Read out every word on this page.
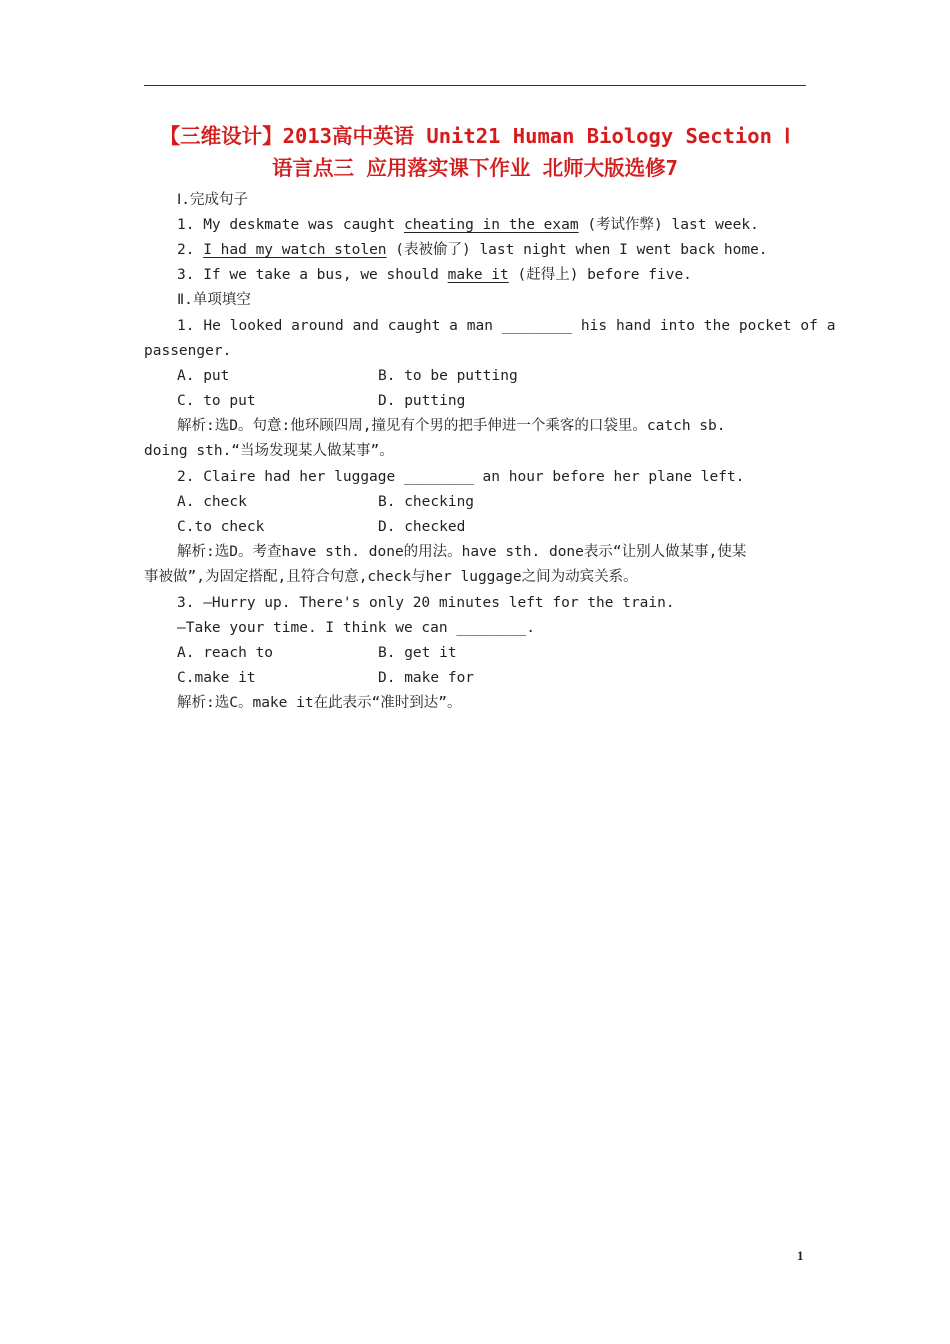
【三维设计】2013高中英语 Unit21 Human Biology Section Ⅰ
语言点三 应用落实课下作业 北师大版选修7
Ⅰ.完成句子
1. My deskmate was caught cheating in the exam (考试作弊) last week.
2. I had my watch stolen (表被偷了) last night when I went back home.
3. If we take a bus, we should make it (赶得上) before five.
Ⅱ.单项填空
1. He looked around and caught a man ________ his hand into the pocket of a
passenger.
A. put	B. to be putting
C. to put	D. putting
解析:选D。句意:他环顾四周,撞见有个男的把手伸进一个乘客的口袋里。catch sb.
doing sth.“当场发现某人做某事”。
2. Claire had her luggage ________ an hour before her plane left.
A. check	B. checking
C.to check	D. checked
解析:选D。考查have sth. done的用法。have sth. done表示“让别人做某事,使某
事被做”,为固定搭配,且符合句意,check与her luggage之间为动宾关系。
3. —Hurry up. There's only 20 minutes left for the train.
—Take your time. I think we can ________.
A. reach to	B. get it
C.make it	D. make for
解析:选C。make it在此表示“准时到达”。
1
